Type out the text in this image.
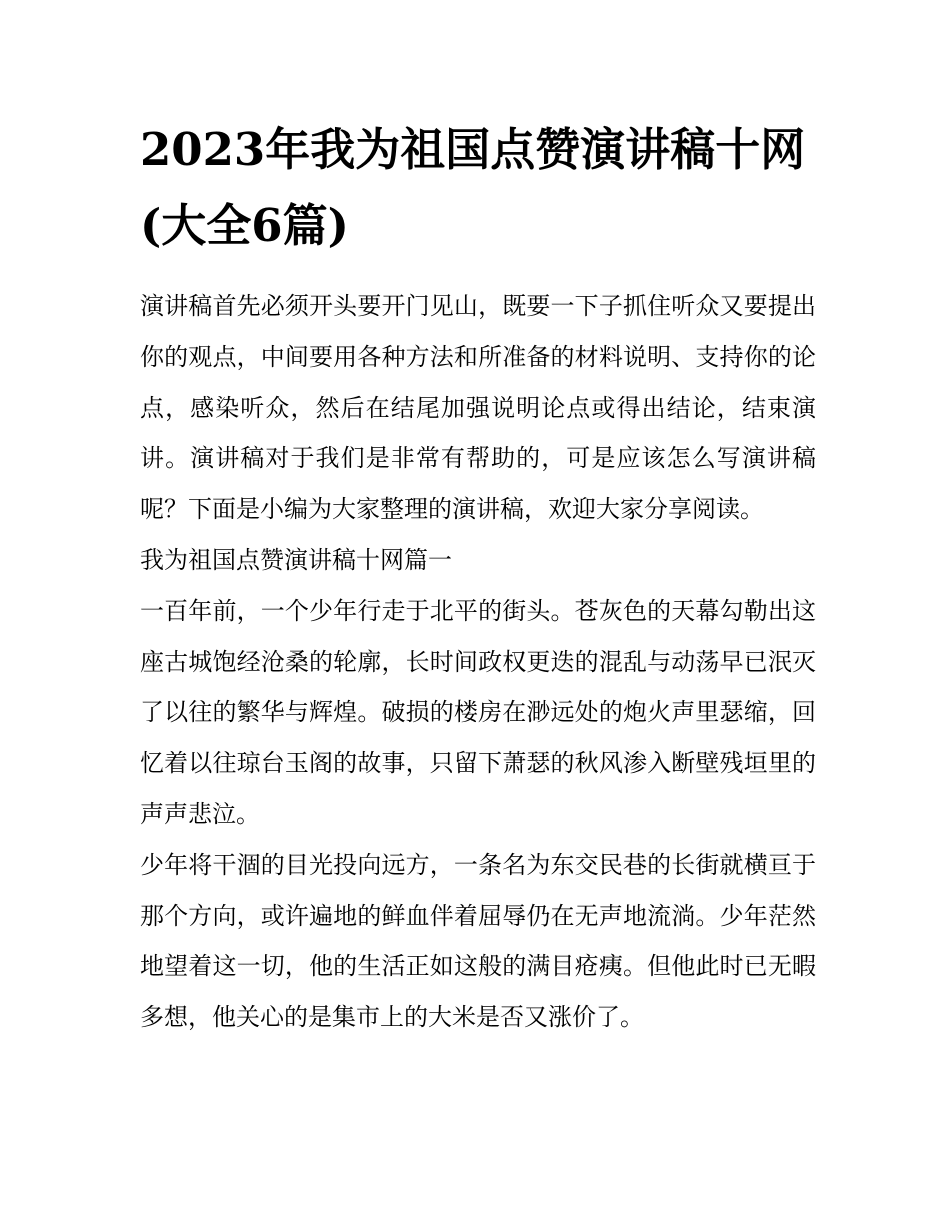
2023年我为祖国点赞演讲稿十网(大全6篇)

演讲稿首先必须开头要开门见山，既要一下子抓住听众又要提出你的观点，中间要用各种方法和所准备的材料说明、支持你的论点，感染听众，然后在结尾加强说明论点或得出结论，结束演讲。演讲稿对于我们是非常有帮助的，可是应该怎么写演讲稿呢？下面是小编为大家整理的演讲稿，欢迎大家分享阅读。

我为祖国点赞演讲稿十网篇一

一百年前，一个少年行走于北平的街头。苍灰色的天幕勾勒出这座古城饱经沧桑的轮廓，长时间政权更迭的混乱与动荡早已泯灭了以往的繁华与辉煌。破损的楼房在渺远处的炮火声里瑟缩，回忆着以往琼台玉阁的故事，只留下萧瑟的秋风渗入断壁残垣里的声声悲泣。

少年将干涸的目光投向远方，一条名为东交民巷的长街就横亘于那个方向，或许遍地的鲜血伴着屈辱仍在无声地流淌。少年茫然地望着这一切，他的生活正如这般的满目疮痍。但他此时已无暇多想，他关心的是集市上的大米是否又涨价了。
